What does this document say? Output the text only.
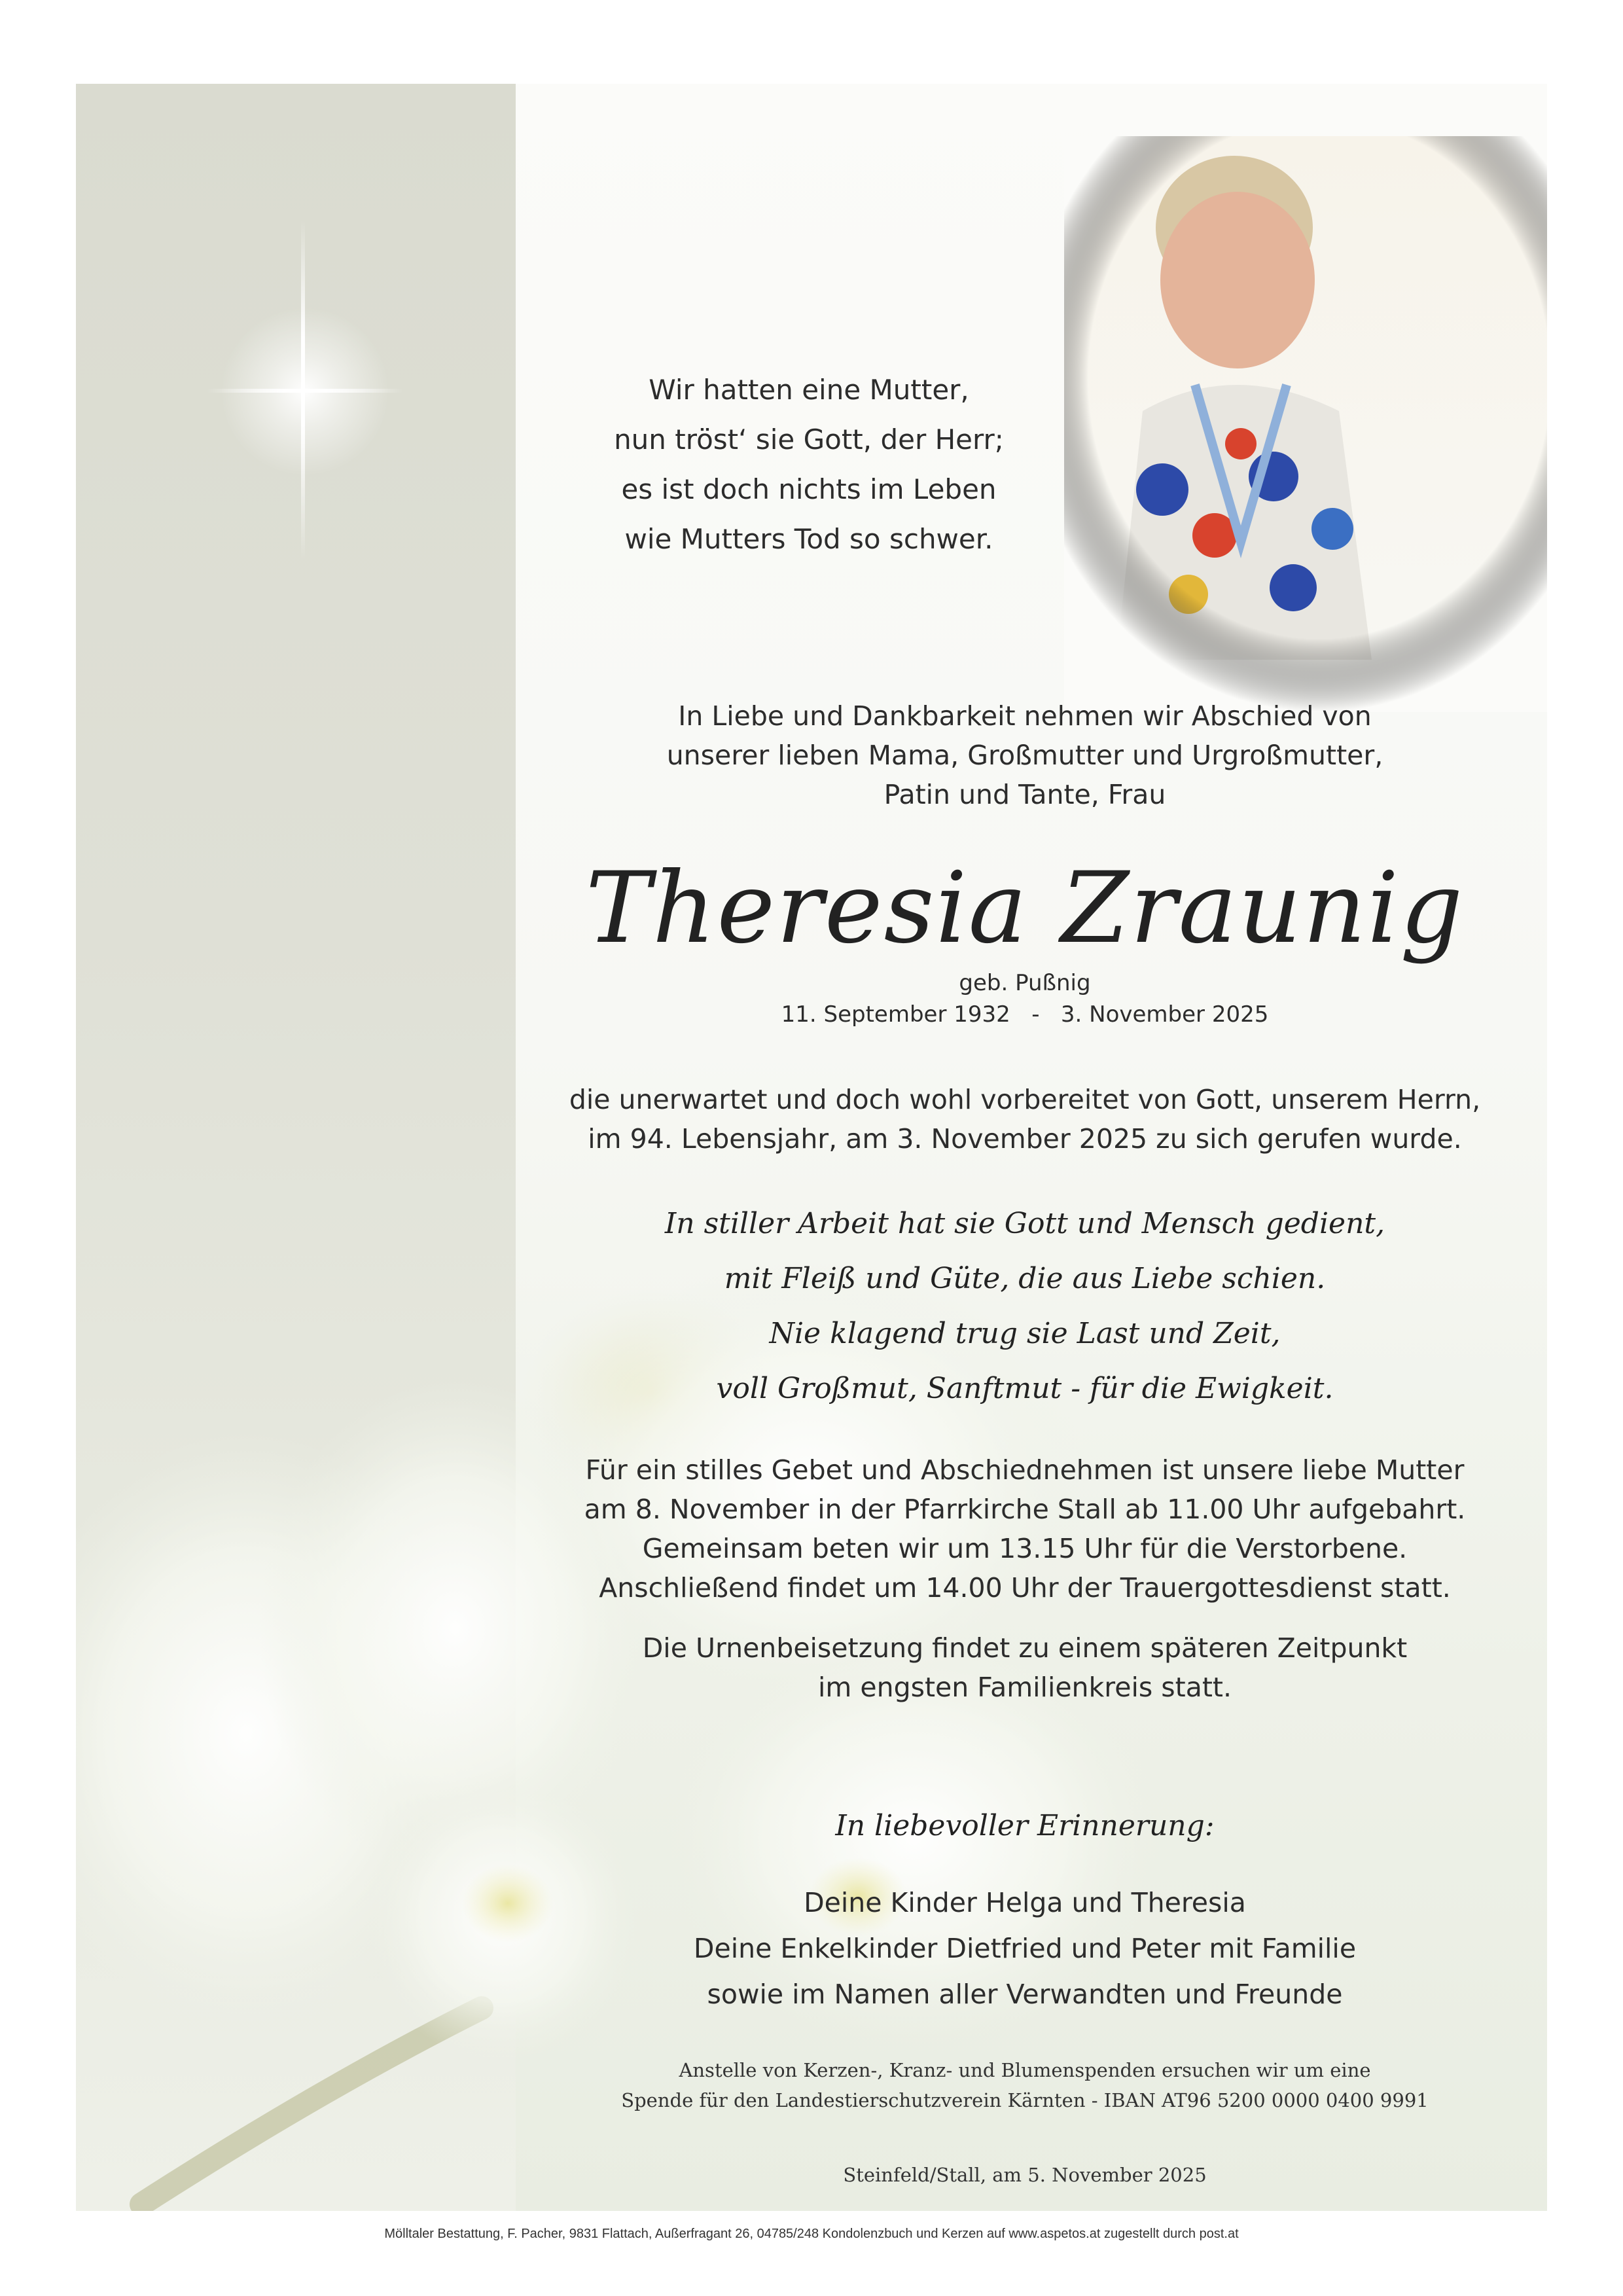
Wir hatten eine Mutter,
nun tröst‘ sie Gott, der Herr;
es ist doch nichts im Leben
wie Mutters Tod so schwer.
In Liebe und Dankbarkeit nehmen wir Abschied von
unserer lieben Mama, Großmutter und Urgroßmutter,
Patin und Tante, Frau
Theresia Zraunig
geb. Pußnig
11. September 1932   -   3. November 2025
die unerwartet und doch wohl vorbereitet von Gott, unserem Herrn,
im 94. Lebensjahr, am 3. November 2025 zu sich gerufen wurde.
In stiller Arbeit hat sie Gott und Mensch gedient,
mit Fleiß und Güte, die aus Liebe schien.
Nie klagend trug sie Last und Zeit,
voll Großmut, Sanftmut - für die Ewigkeit.
Für ein stilles Gebet und Abschiednehmen ist unsere liebe Mutter
am 8. November in der Pfarrkirche Stall ab 11.00 Uhr aufgebahrt.
Gemeinsam beten wir um 13.15 Uhr für die Verstorbene.
Anschließend findet um 14.00 Uhr der Trauergottesdienst statt.
Die Urnenbeisetzung findet zu einem späteren Zeitpunkt
im engsten Familienkreis statt.
In liebevoller Erinnerung:
Deine Kinder Helga und Theresia
Deine Enkelkinder Dietfried und Peter mit Familie
sowie im Namen aller Verwandten und Freunde
Anstelle von Kerzen-, Kranz- und Blumenspenden ersuchen wir um eine
Spende für den Landestierschutzverein Kärnten - IBAN AT96 5200 0000 0400 9991
Steinfeld/Stall, am 5. November 2025
Mölltaler Bestattung, F. Pacher, 9831 Flattach, Außerfragant 26, 04785/248 Kondolenzbuch und Kerzen auf www.aspetos.at zugestellt durch post.at
